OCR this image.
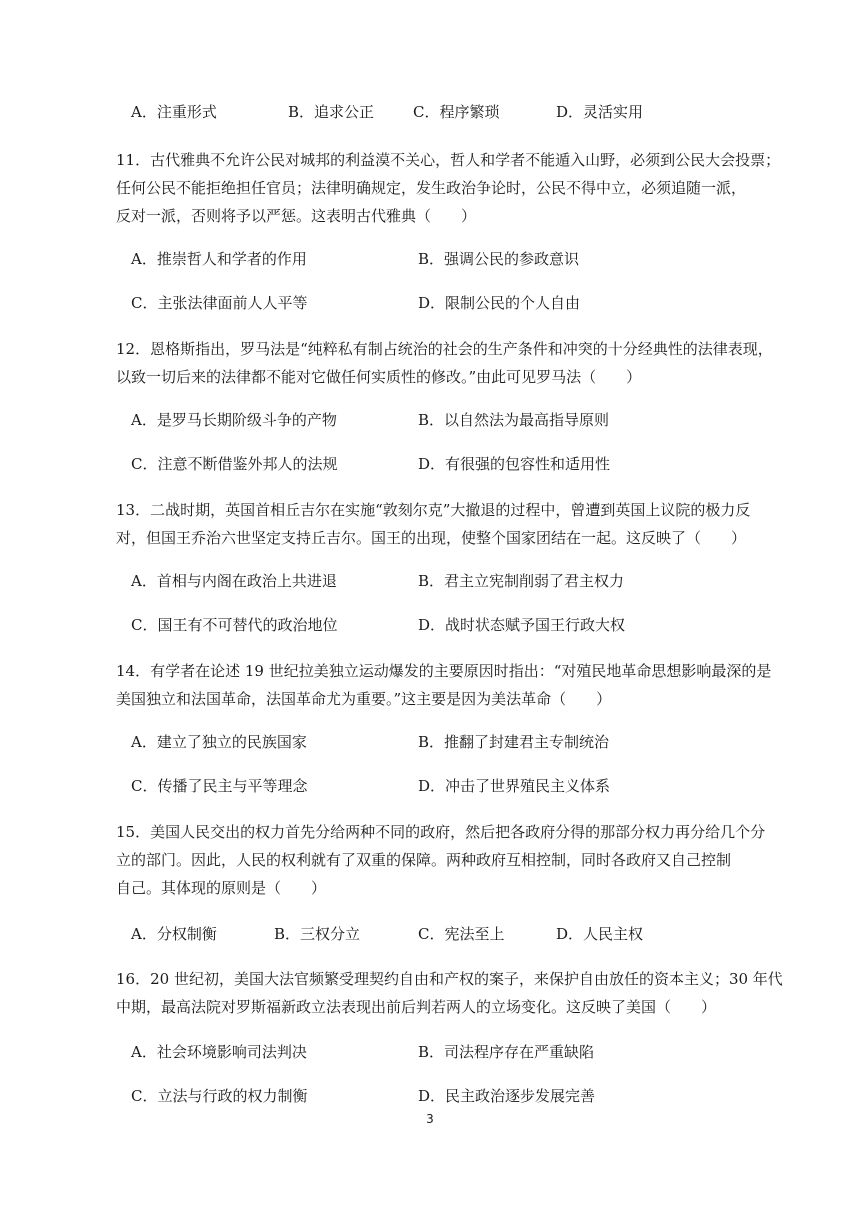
A．注重形式	B．追求公正	C．程序繁琐	D．灵活实用
11．古代雅典不允许公民对城邦的利益漠不关心，哲人和学者不能遁入山野，必须到公民大会投票；
任何公民不能拒绝担任官员；法律明确规定，发生政治争论时，公民不得中立，必须追随一派，
反对一派，否则将予以严惩。这表明古代雅典（　　）
A．推崇哲人和学者的作用	B．强调公民的参政意识
C．主张法律面前人人平等	D．限制公民的个人自由
12．恩格斯指出，罗马法是“纯粹私有制占统治的社会的生产条件和冲突的十分经典性的法律表现，
以致一切后来的法律都不能对它做任何实质性的修改。”由此可见罗马法（　　）
A．是罗马长期阶级斗争的产物	B．以自然法为最高指导原则
C．注意不断借鉴外邦人的法规	D．有很强的包容性和适用性
13．二战时期，英国首相丘吉尔在实施“敦刻尔克”大撤退的过程中，曾遭到英国上议院的极力反
对，但国王乔治六世坚定支持丘吉尔。国王的出现，使整个国家团结在一起。这反映了（　　）
A．首相与内阁在政治上共进退	B．君主立宪制削弱了君主权力
C．国王有不可替代的政治地位	D．战时状态赋予国王行政大权
14．有学者在论述 19 世纪拉美独立运动爆发的主要原因时指出：“对殖民地革命思想影响最深的是
美国独立和法国革命，法国革命尤为重要。”这主要是因为美法革命（　　）
A．建立了独立的民族国家	B．推翻了封建君主专制统治
C．传播了民主与平等理念	D．冲击了世界殖民主义体系
15．美国人民交出的权力首先分给两种不同的政府，然后把各政府分得的那部分权力再分给几个分
立的部门。因此，人民的权利就有了双重的保障。两种政府互相控制，同时各政府又自己控制
自己。其体现的原则是（　　）
A．分权制衡	B．三权分立	C．宪法至上	D．人民主权
16．20 世纪初，美国大法官频繁受理契约自由和产权的案子，来保护自由放任的资本主义；30 年代
中期，最高法院对罗斯福新政立法表现出前后判若两人的立场变化。这反映了美国（　　）
A．社会环境影响司法判决	B．司法程序存在严重缺陷
C．立法与行政的权力制衡	D．民主政治逐步发展完善
3
